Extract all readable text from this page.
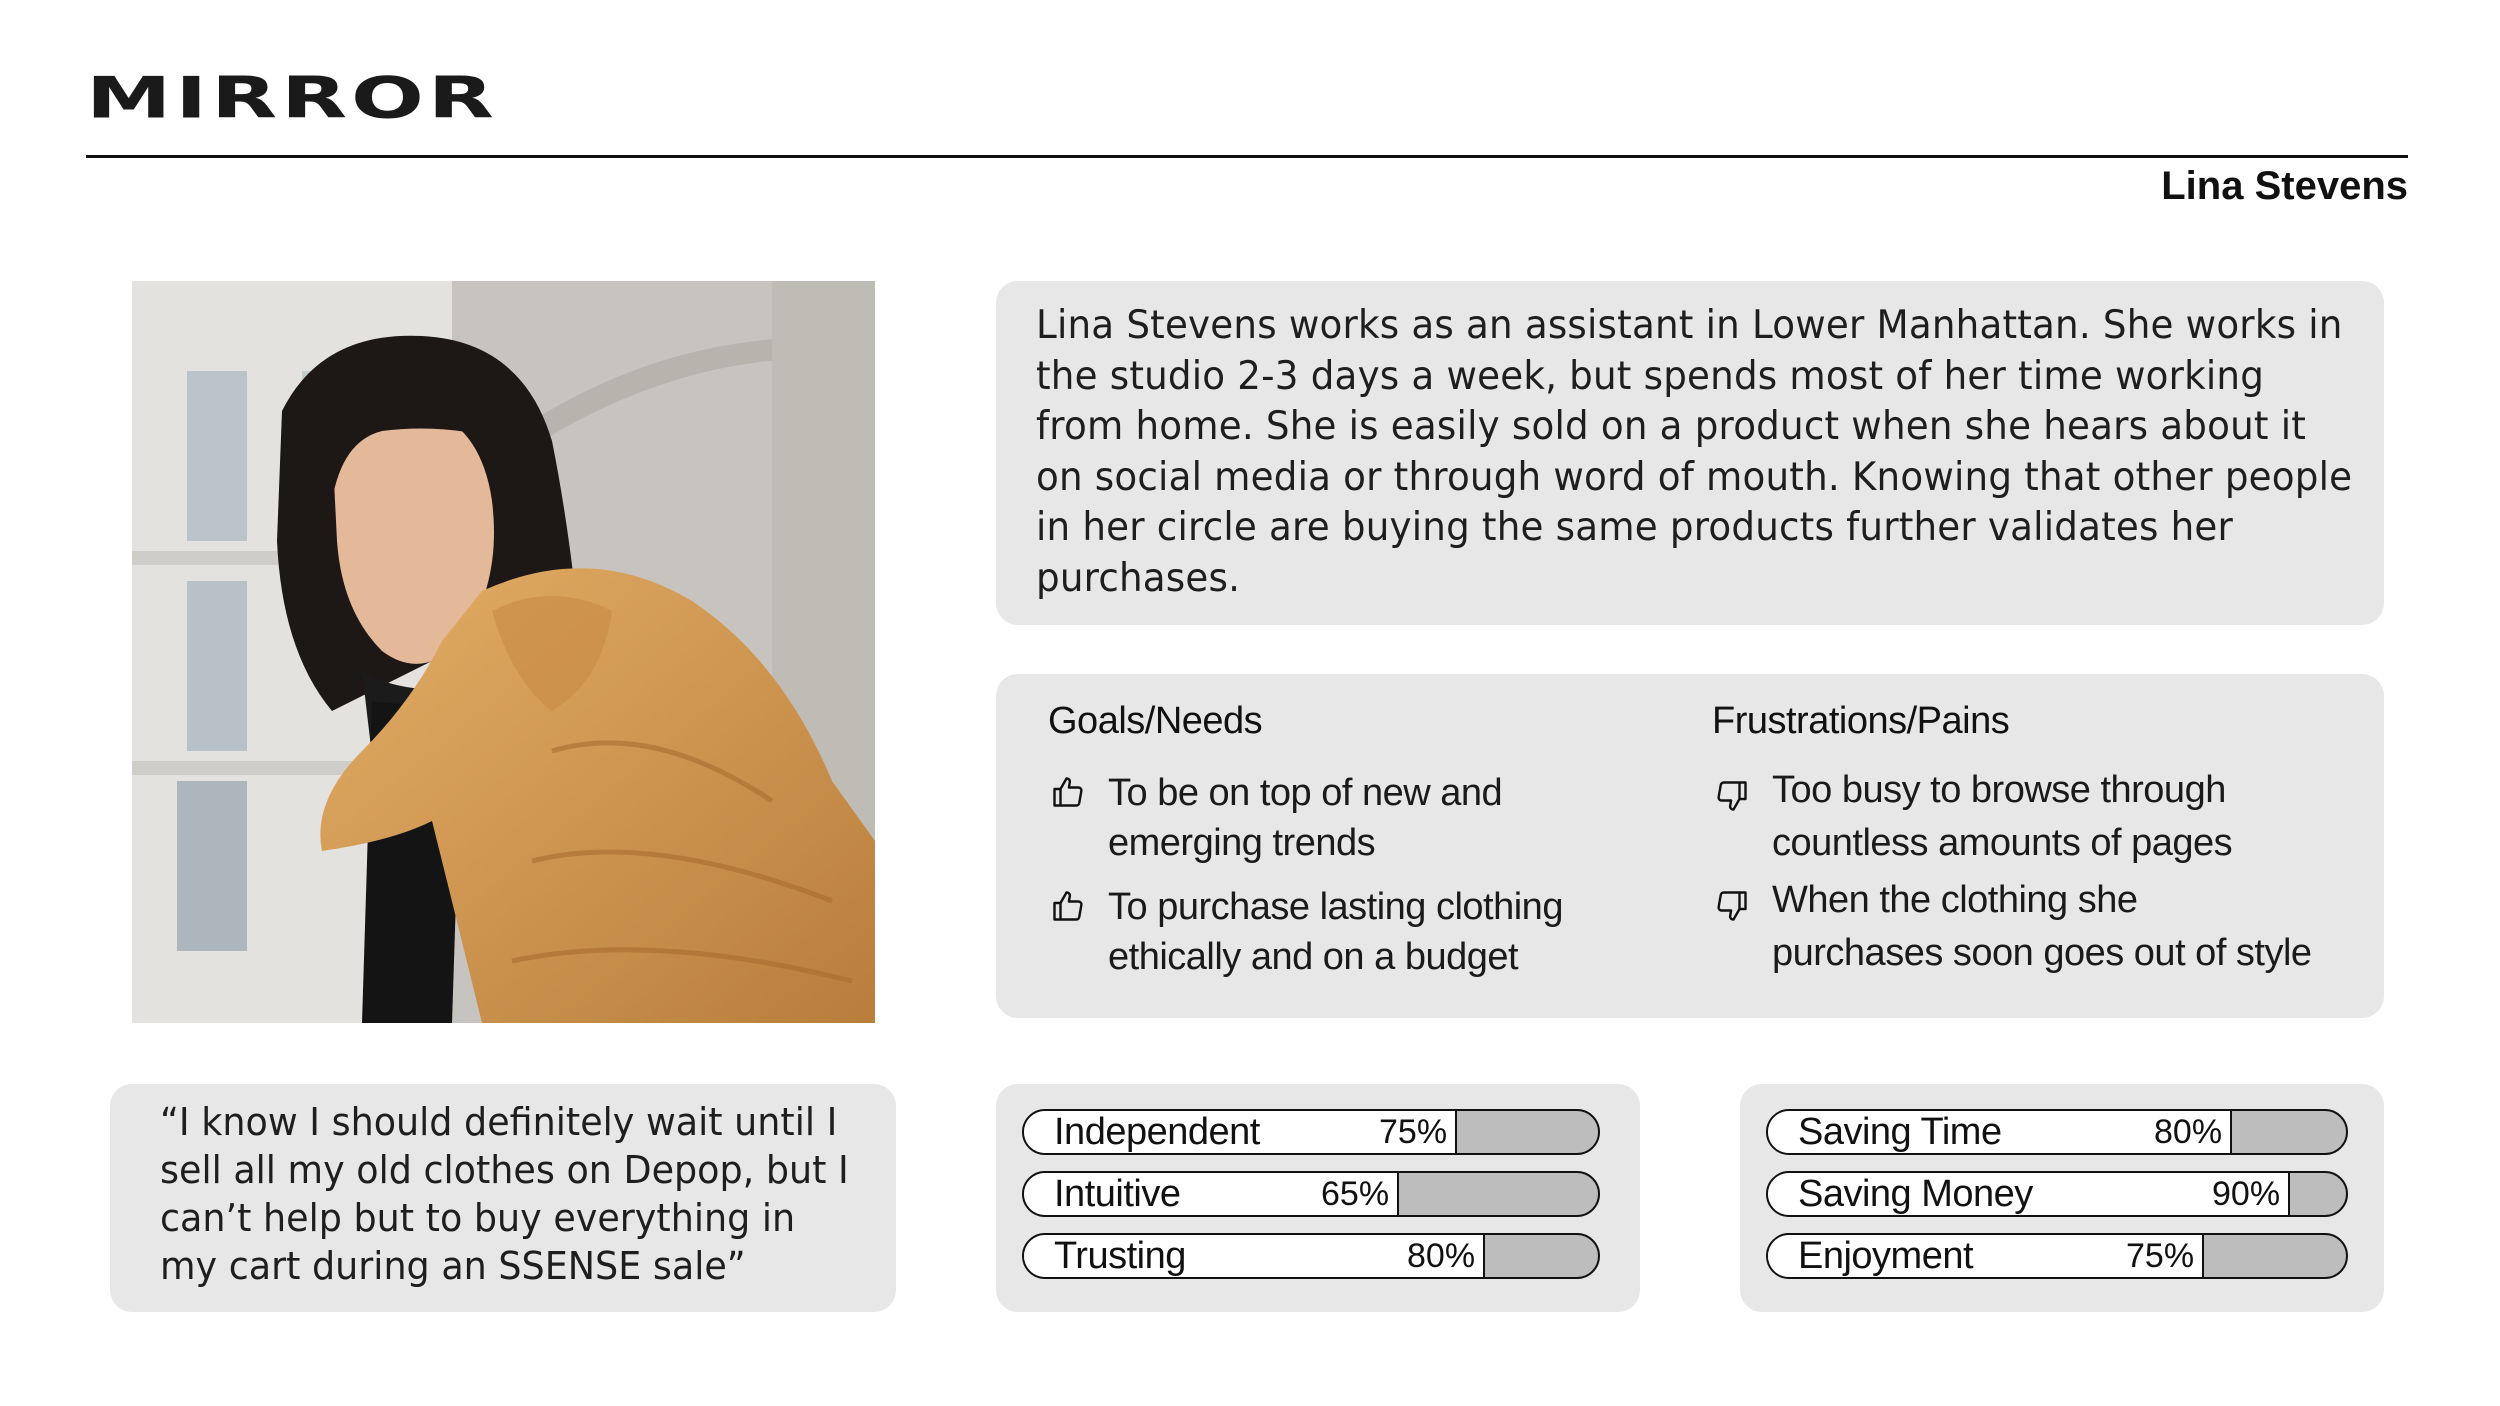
MIRROR
Lina Stevens
Lina Stevens works as an assistant in Lower Manhattan. She works in the studio 2-3 days a week, but spends most of her time working from home. She is easily sold on a product when she hears about it on social media or through word of mouth. Knowing that other people in her circle are buying the same products further validates her purchases.
Goals/Needs	Frustrations/Pains
To be on top of new and
emerging trends
To purchase lasting clothing
ethically and on a budget
Too busy to browse through
countless amounts of pages
When the clothing she
purchases soon goes out of style
“I know I should definitely wait until I sell all my old clothes on Depop, but I can’t help but to buy everything in my cart during an SSENSE sale”
Independent	75%
Intuitive	65%
Trusting	80%
Saving Time	80%
Saving Money	90%
Enjoyment	75%
